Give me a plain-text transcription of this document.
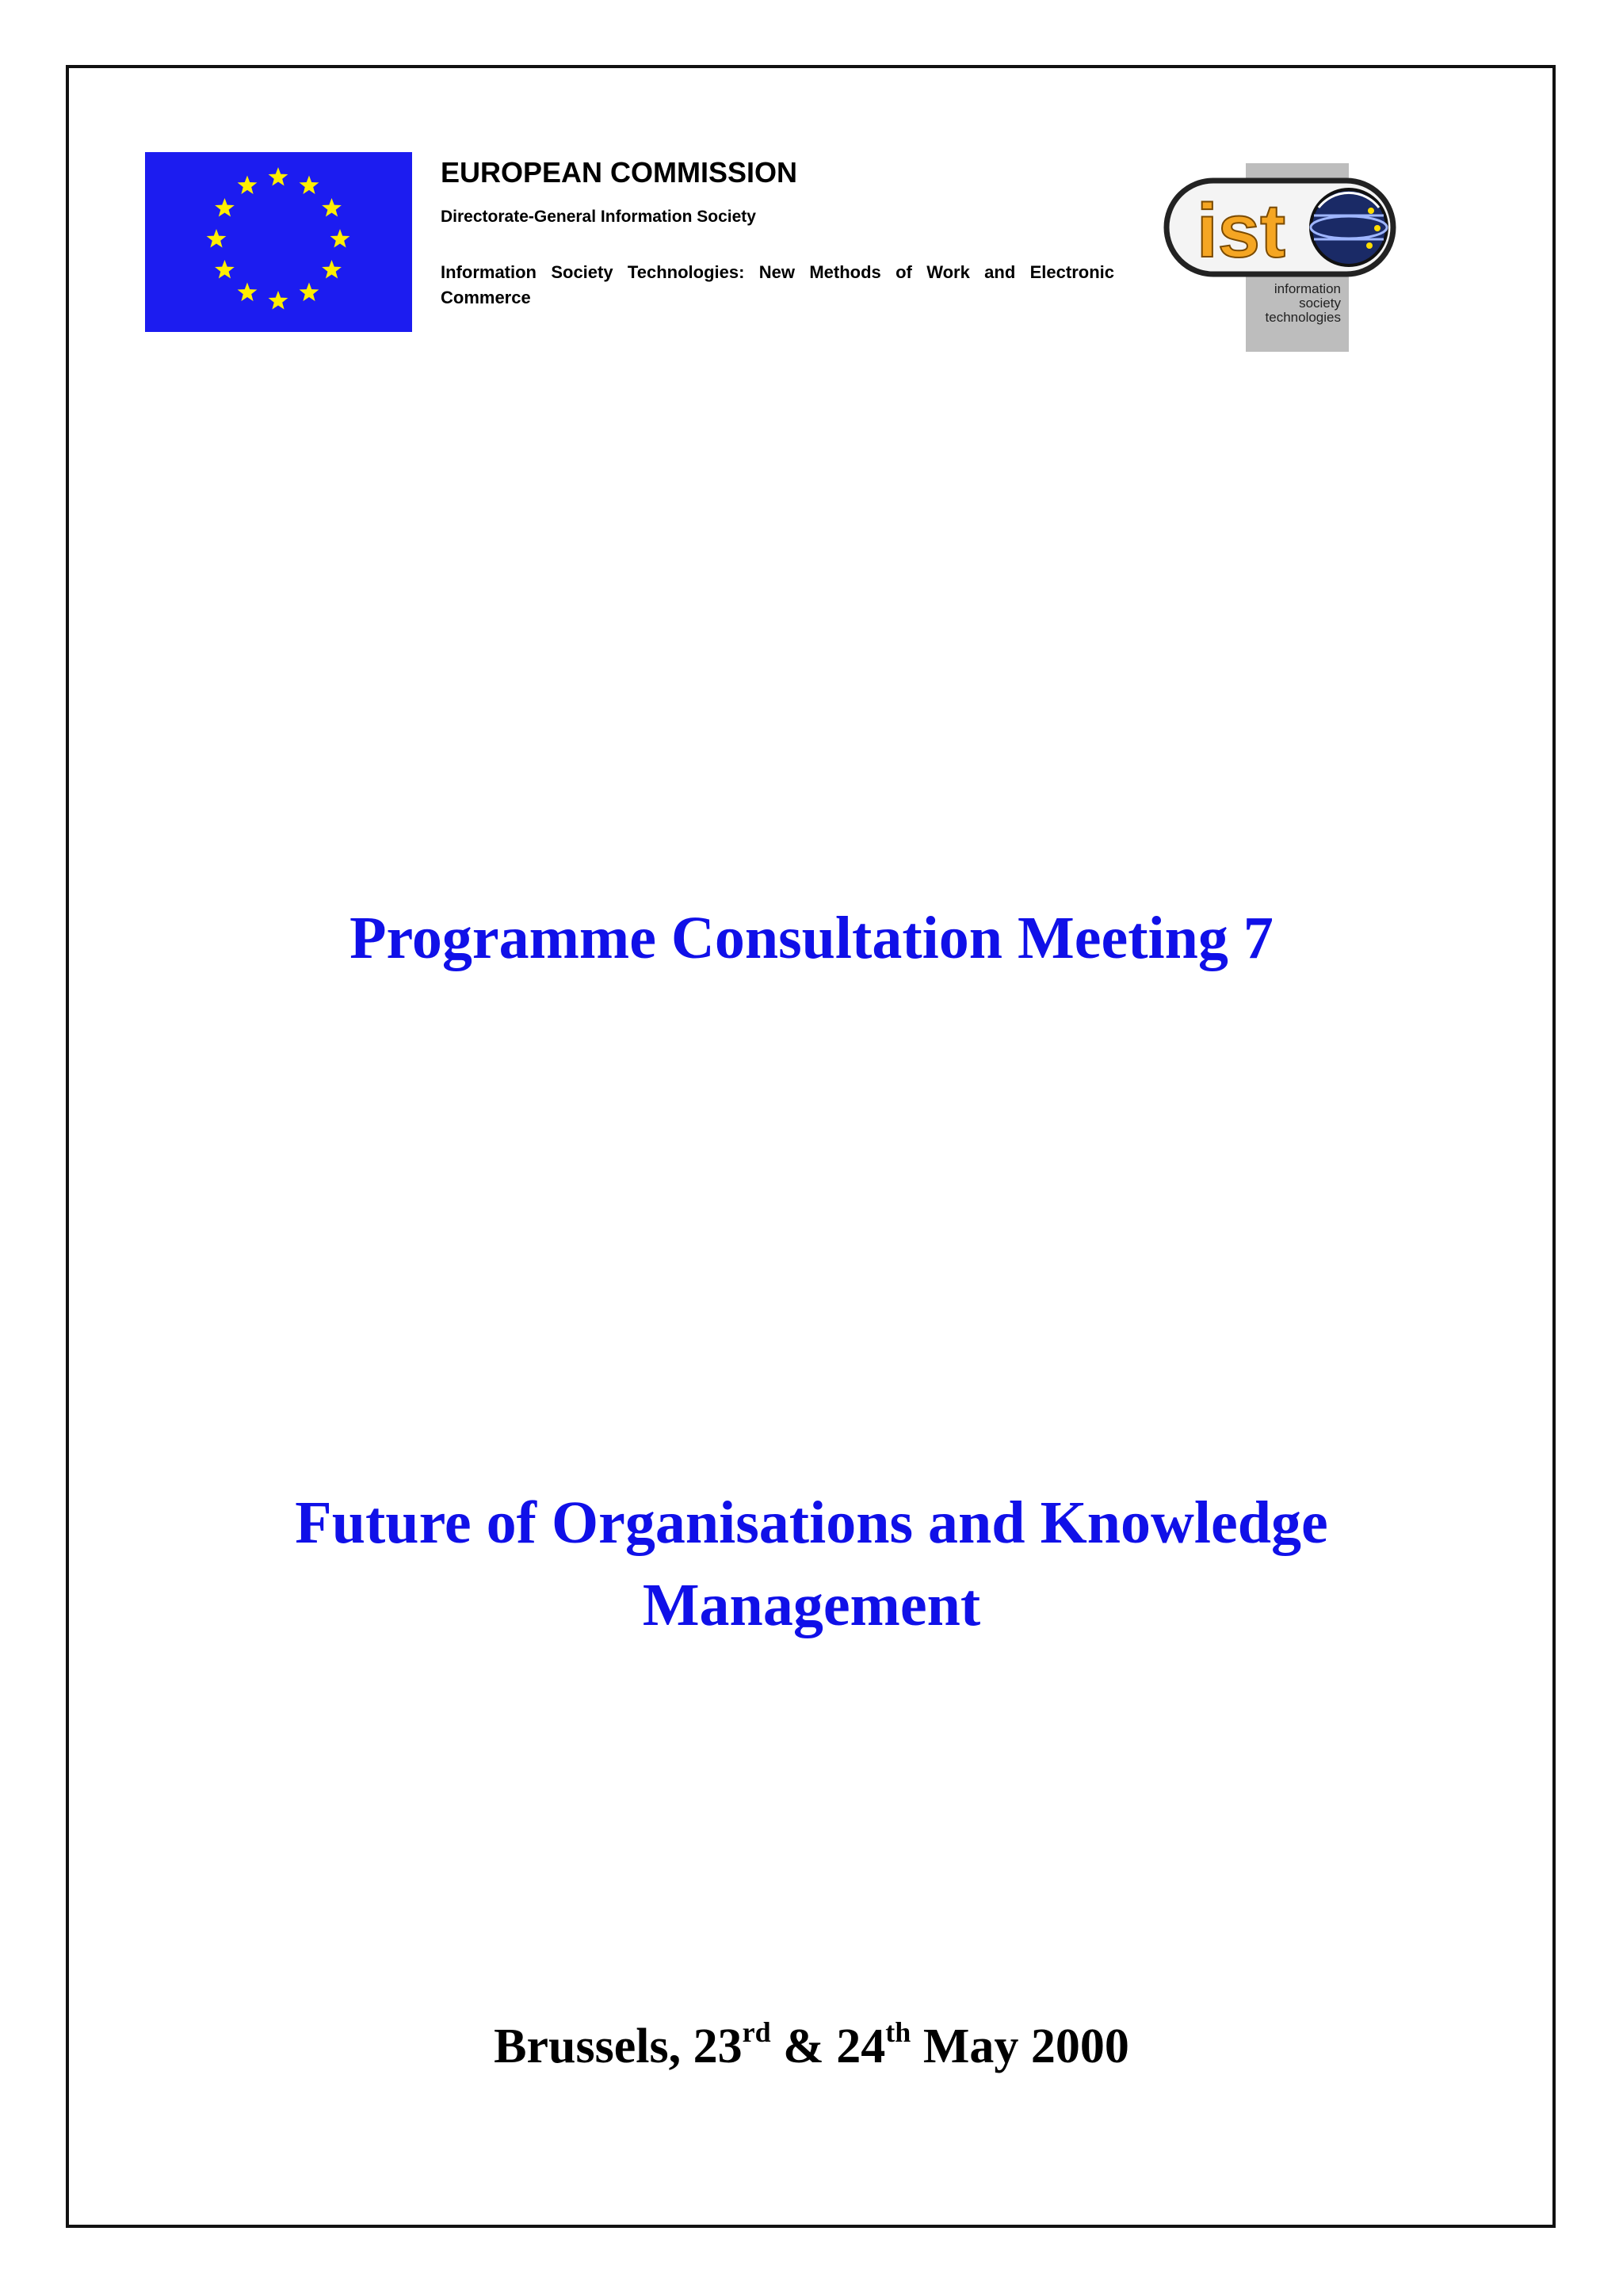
EUROPEAN COMMISSION

Directorate-General Information Society

Information Society Technologies: New Methods of Work and Electronic Commerce

ist
information
society
technologies
Programme Consultation Meeting 7
Future of Organisations and Knowledge
Management
Brussels, 23rd & 24th May 2000
